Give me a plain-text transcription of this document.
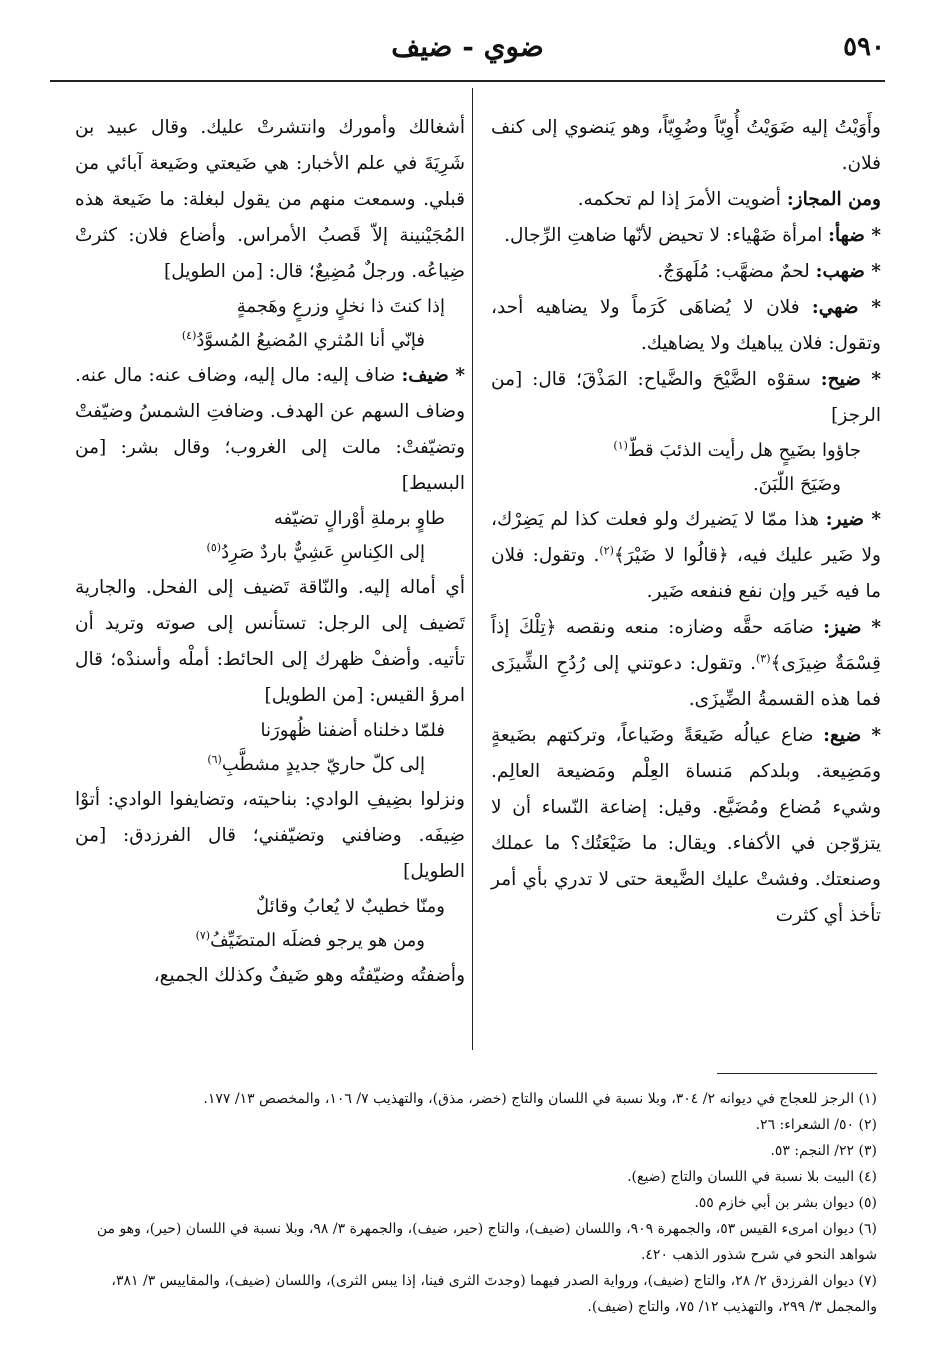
٥٩٠
ضوي - ضيف

وأَوَيْتُ إليه ضَوَيْتُ أُوِيّاً وضُوِيّاً، وهو يَنضوي إلى كنف فلان.

ومن المجاز: أضويت الأمرَ إذا لم تحكمه.

* ضهأ: امرأة ضَهْياء: لا تحيض لأنّها ضاهتِ الرِّجال.

* ضهب: لحمٌ مضهَّب: مُلَهوَجٌ.

* ضهي: فلان لا يُضاهَى كَرَماً ولا يضاهيه أحد، وتقول: فلان يباهيك ولا يضاهيك.

* ضيح: سقوْه الضَّيْحَ والضَّياح: المَذْقَ؛ قال: [من الرجز]

جاؤوا بضَيحٍ هل رأيت الذئبَ قطّ$^{(١)}$

وضَيَحَ اللّبَنَ.

* ضير: هذا ممّا لا يَضيرك ولو فعلت كذا لم يَضِرْك، ولا ضَير عليك فيه، ﴿قالُوا لا ضَيْرَ﴾$^{(٢)}$. وتقول: فلان ما فيه خَير وإن نفع فنفعه ضَير.

* ضيز: ضامَه حقَّه وضازه: منعه ونقصه ﴿تِلْكَ إذاً قِسْمَةٌ ضِيزَى﴾$^{(٣)}$. وتقول: دعوتني إلى رُدُحِ الشِّيزَى فما هذه القسمةُ الضِّيزَى.

* ضيع: ضاع عيالُه ضَيعَةً وضَياعاً، وتركتهم بضَيعةٍ ومَضِيعة. وبلدكم مَنساة العِلْم ومَضيعة العالِم. وشيء مُضاع ومُضَيَّع. وقيل: إضاعة النّساء أن لا يتزوّجن في الأكفاء. ويقال: ما ضَيْعَتُك؟ ما عملك وصنعتك. وفشتْ عليك الضَّيعة حتى لا تدري بأي أمر تأخذ أي كثرت

أشغالك وأمورك وانتشرتْ عليك. وقال عبيد بن شَرِيَةَ في علم الأخبار: هي ضَيعتي وضَيعة آبائي من قبلي. وسمعت منهم من يقول لبغلة: ما ضَيعة هذه المُجَيْنينة إلاّ قَصبُ الأمراس. وأضاع فلان: كثرتْ ضِياعُه. ورجلٌ مُضِيعٌ؛ قال: [من الطويل]

إذا كنتَ ذا نخلٍ وزرعٍ وهَجمةٍ

فإنّي أنا المُثري المُضيعُ المُسوَّدُ$^{(٤)}$

* ضيف: ضاف إليه: مال إليه، وضاف عنه: مال عنه. وضاف السهم عن الهدف. وضافتِ الشمسُ وضيّفتْ وتضيّفتْ: مالت إلى الغروب؛ وقال بشر: [من البسيط]

طاوٍ برملةِ أوْرالٍ تضيّفه

إلى الكِناسِ عَشِيٌّ باردٌ صَرِدُ$^{(٥)}$

أي أماله إليه. والنّاقة تَضيف إلى الفحل. والجارية تَضيف إلى الرجل: تستأنس إلى صوته وتريد أن تأتيه. وأضفْ ظهرك إلى الحائط: أملْه وأسندْه؛ قال امرؤ القيس: [من الطويل]

فلمّا دخلناه أضفنا ظُهورَنا

إلى كلّ حاريّ جديدٍ مشطَّبِ$^{(٦)}$

ونزلوا بضِيفِ الوادي: بناحيته، وتضايفوا الوادي: أتوْا ضِيفَه. وضافني وتضيّفني؛ قال الفرزدق: [من الطويل]

ومنّا خطيبٌ لا يُعابُ وقائلٌ

ومن هو يرجو فضلَه المتضَيِّفُ$^{(٧)}$

وأضفتُه وضيّفتُه وهو ضَيفٌ وكذلك الجميع،

(١) الرجز للعجاج في ديوانه ٢/ ٣٠٤، وبلا نسبة في اللسان والتاج (خضر، مذق)، والتهذيب ٧/ ١٠٦، والمخصص ١٣/ ١٧٧.

(٢) ٥٠/ الشعراء: ٢٦.

(٣) ٢٢/ النجم: ٥٣.

(٤) البيت بلا نسبة في اللسان والتاج (ضيع).

(٥) ديوان بشر بن أبي خازم ٥٥.

(٦) ديوان امرىء القيس ٥٣، والجمهرة ٩٠٩، واللسان (ضيف)، والتاج (حير، ضيف)، والجمهرة ٣/ ٩٨، وبلا نسبة في اللسان (حير)، وهو من شواهد النحو في شرح شذور الذهب ٤٢٠.

(٧) ديوان الفرزدق ٢/ ٢٨، والتاج (ضيف)، ورواية الصدر فيهما (وجدتَ الثرى فينا، إذا يبس الثرى)، واللسان (ضيف)، والمقاييس ٣/ ٣٨١، والمجمل ٣/ ٢٩٩، والتهذيب ١٢/ ٧٥، والتاج (ضيف).
